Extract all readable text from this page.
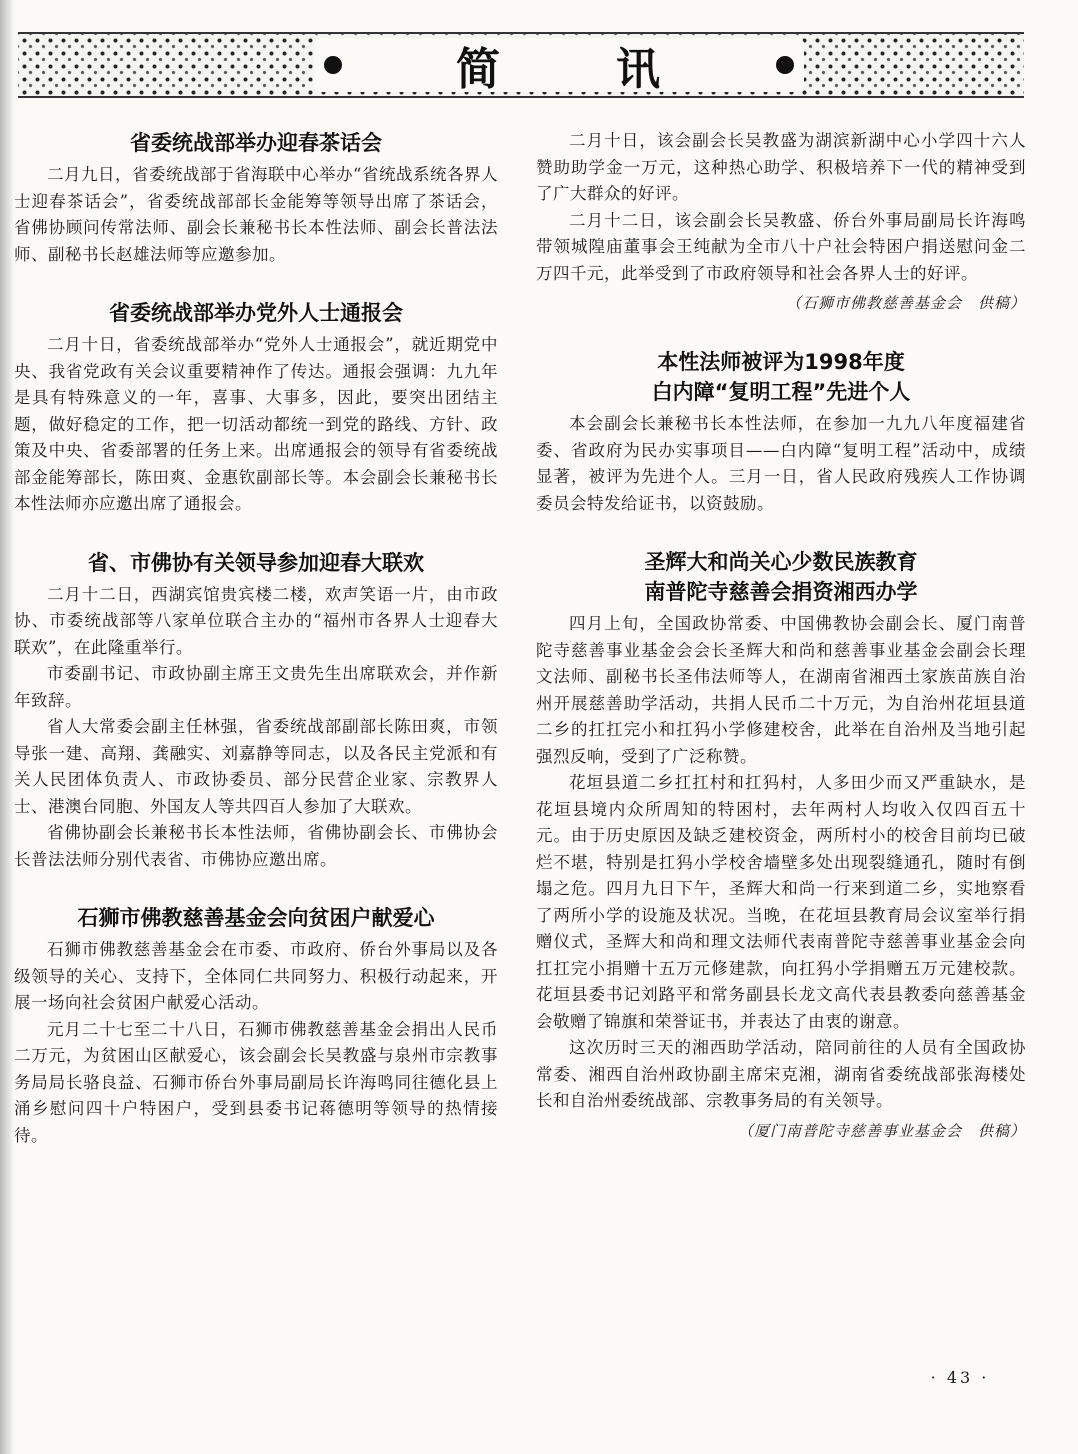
简	讯
省委统战部举办迎春茶话会

二月九日，省委统战部于省海联中心举办“省统战系统各界人士迎春茶话会”，省委统战部部长金能筹等领导出席了茶话会，省佛协顾问传常法师、副会长兼秘书长本性法师、副会长普法法师、副秘书长赵雄法师等应邀参加。

省委统战部举办党外人士通报会

二月十日，省委统战部举办“党外人士通报会”，就近期党中央、我省党政有关会议重要精神作了传达。通报会强调：九九年是具有特殊意义的一年，喜事、大事多，因此，要突出团结主题，做好稳定的工作，把一切活动都统一到党的路线、方针、政策及中央、省委部署的任务上来。出席通报会的领导有省委统战部金能筹部长，陈田爽、金惠钦副部长等。本会副会长兼秘书长本性法师亦应邀出席了通报会。

省、市佛协有关领导参加迎春大联欢

二月十二日，西湖宾馆贵宾楼二楼，欢声笑语一片，由市政协、市委统战部等八家单位联合主办的“福州市各界人士迎春大联欢”，在此隆重举行。

市委副书记、市政协副主席王文贵先生出席联欢会，并作新年致辞。

省人大常委会副主任林强，省委统战部副部长陈田爽，市领导张一建、高翔、龚融实、刘嘉静等同志，以及各民主党派和有关人民团体负责人、市政协委员、部分民营企业家、宗教界人士、港澳台同胞、外国友人等共四百人参加了大联欢。

省佛协副会长兼秘书长本性法师，省佛协副会长、市佛协会长普法法师分别代表省、市佛协应邀出席。

石狮市佛教慈善基金会向贫困户献爱心

石狮市佛教慈善基金会在市委、市政府、侨台外事局以及各级领导的关心、支持下，全体同仁共同努力、积极行动起来，开展一场向社会贫困户献爱心活动。

元月二十七至二十八日，石狮市佛教慈善基金会捐出人民币二万元，为贫困山区献爱心，该会副会长吴教盛与泉州市宗教事务局局长骆良益、石狮市侨台外事局副局长许海鸣同往德化县上涌乡慰问四十户特困户，受到县委书记蒋德明等领导的热情接待。

二月十日，该会副会长吴教盛为湖滨新湖中心小学四十六人赞助助学金一万元，这种热心助学、积极培养下一代的精神受到了广大群众的好评。

二月十二日，该会副会长吴教盛、侨台外事局副局长许海鸣带领城隍庙董事会王纯献为全市八十户社会特困户捐送慰问金二万四千元，此举受到了市政府领导和社会各界人士的好评。

（石狮市佛教慈善基金会　供稿）

本性法师被评为1998年度
白内障“复明工程”先进个人

本会副会长兼秘书长本性法师，在参加一九九八年度福建省委、省政府为民办实事项目——白内障“复明工程”活动中，成绩显著，被评为先进个人。三月一日，省人民政府残疾人工作协调委员会特发给证书，以资鼓励。

圣辉大和尚关心少数民族教育
南普陀寺慈善会捐资湘西办学

四月上旬，全国政协常委、中国佛教协会副会长、厦门南普陀寺慈善事业基金会会长圣辉大和尚和慈善事业基金会副会长理文法师、副秘书长圣伟法师等人，在湖南省湘西土家族苗族自治州开展慈善助学活动，共捐人民币二十万元，为自治州花垣县道二乡的扛扛完小和扛犸小学修建校舍，此举在自治州及当地引起强烈反响，受到了广泛称赞。

花垣县道二乡扛扛村和扛犸村，人多田少而又严重缺水，是花垣县境内众所周知的特困村，去年两村人均收入仅四百五十元。由于历史原因及缺乏建校资金，两所村小的校舍目前均已破烂不堪，特别是扛犸小学校舍墙壁多处出现裂缝通孔，随时有倒塌之危。四月九日下午，圣辉大和尚一行来到道二乡，实地察看了两所小学的设施及状况。当晚，在花垣县教育局会议室举行捐赠仪式，圣辉大和尚和理文法师代表南普陀寺慈善事业基金会向扛扛完小捐赠十五万元修建款，向扛犸小学捐赠五万元建校款。花垣县委书记刘路平和常务副县长龙文高代表县教委向慈善基金会敬赠了锦旗和荣誉证书，并表达了由衷的谢意。

这次历时三天的湘西助学活动，陪同前往的人员有全国政协常委、湘西自治州政协副主席宋克湘，湖南省委统战部张海楼处长和自治州委统战部、宗教事务局的有关领导。

（厦门南普陀寺慈善事业基金会　供稿）

· 43 ·
